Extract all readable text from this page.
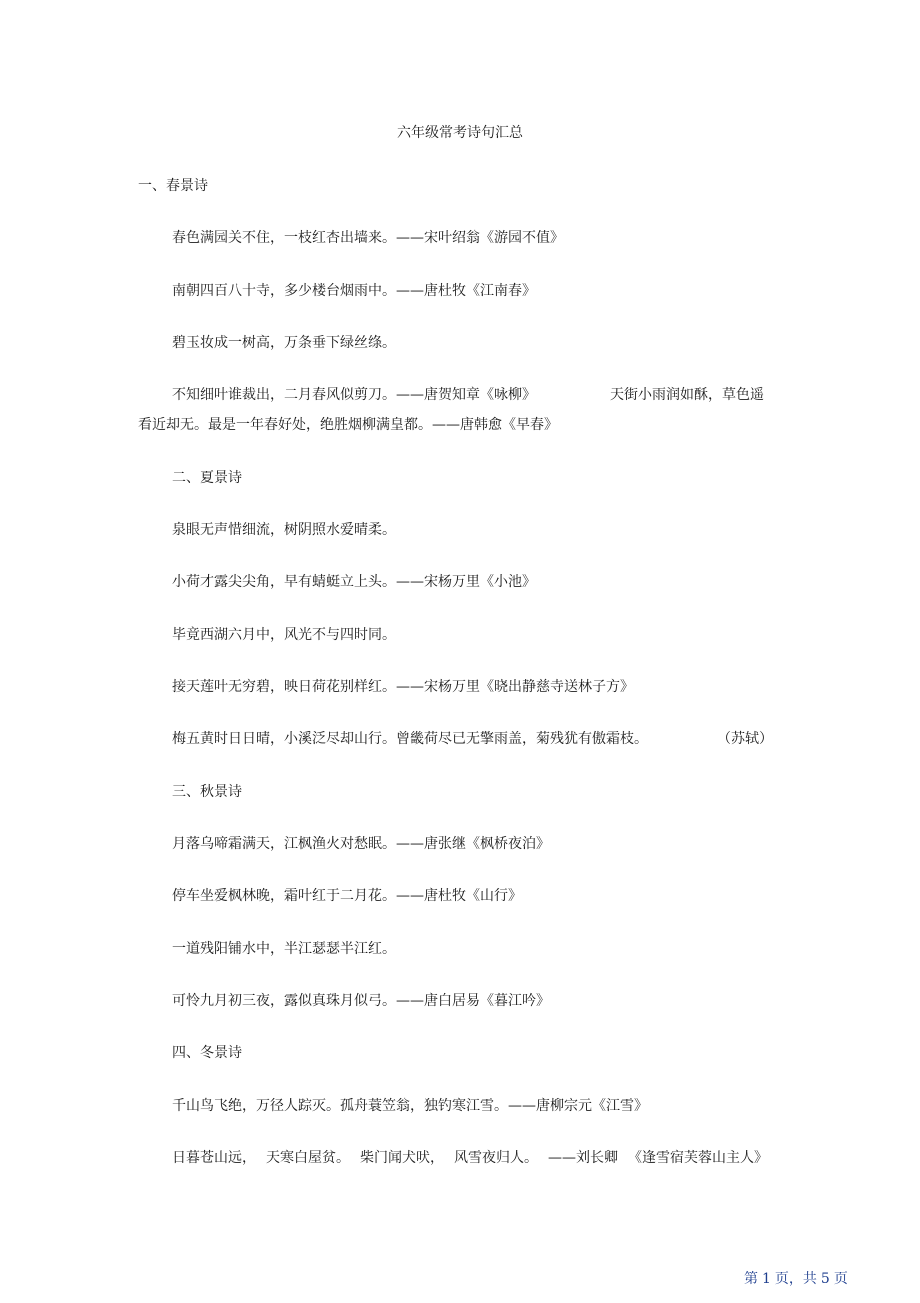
六年级常考诗句汇总
一、春景诗
春色满园关不住，一枝红杏出墙来。——宋叶绍翁《游园不值》
南朝四百八十寺，多少楼台烟雨中。——唐杜牧《江南春》
碧玉妆成一树高，万条垂下绿丝绦。
不知细叶谁裁出，二月春风似剪刀。——唐贺知章《咏柳》	天街小雨润如酥，草色遥
看近却无。最是一年春好处，绝胜烟柳满皇都。——唐韩愈《早春》
二、夏景诗
泉眼无声惜细流，树阴照水爱晴柔。
小荷才露尖尖角，早有蜻蜓立上头。——宋杨万里《小池》
毕竟西湖六月中，风光不与四时同。
接天莲叶无穷碧，映日荷花别样红。——宋杨万里《晓出静慈寺送林子方》
梅五黄时日日晴，小溪泛尽却山行。曾畿荷尽已无擎雨盖，菊残犹有傲霜枝。	（苏轼）
三、秋景诗
月落乌啼霜满天，江枫渔火对愁眠。——唐张继《枫桥夜泊》
停车坐爱枫林晚，霜叶红于二月花。——唐杜牧《山行》
一道残阳铺水中，半江瑟瑟半江红。
可怜九月初三夜，露似真珠月似弓。——唐白居易《暮江吟》
四、冬景诗
千山鸟飞绝，万径人踪灭。孤舟蓑笠翁，独钓寒江雪。——唐柳宗元《江雪》
日暮苍山远， 天寒白屋贫。 柴门闻犬吠， 风雪夜归人。 ——刘长卿 《逢雪宿芙蓉山主人》
第 1 页，共 5 页
